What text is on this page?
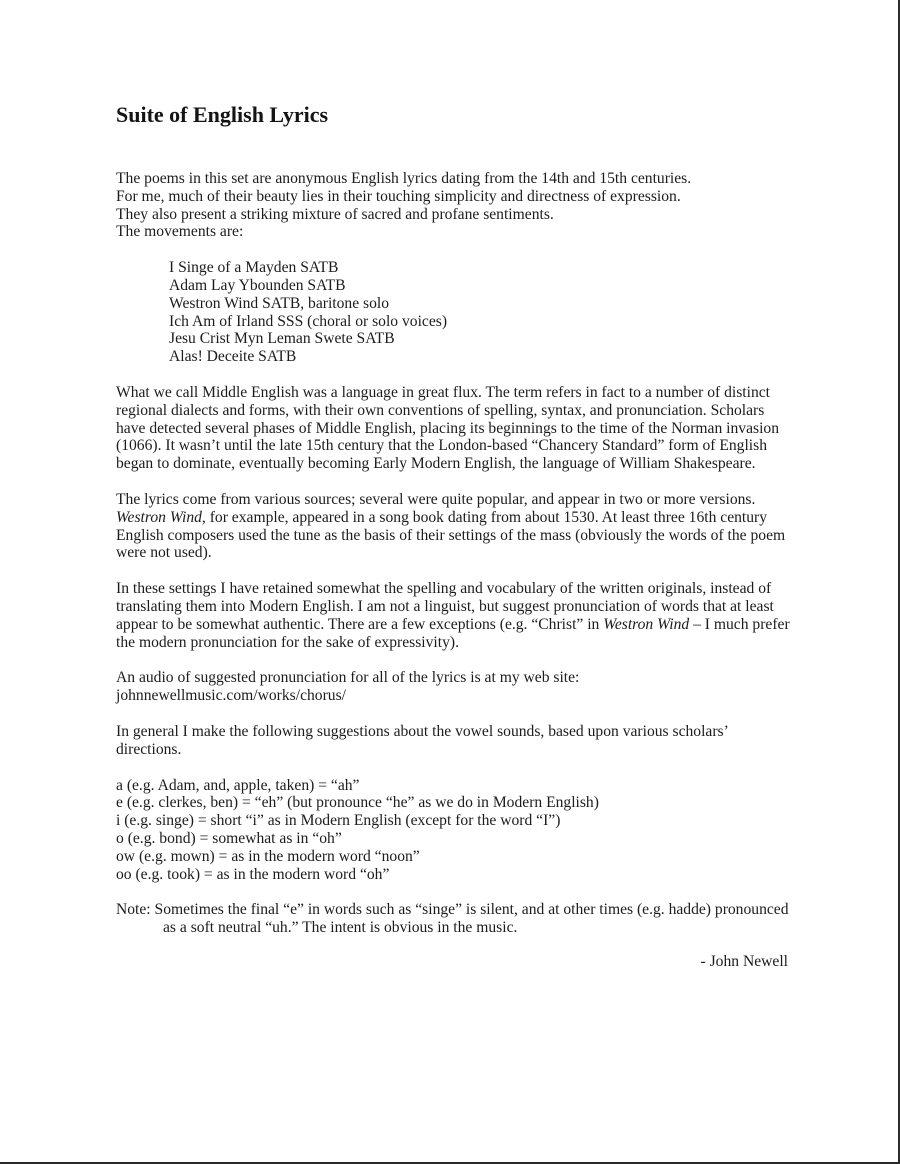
Suite of English Lyrics

The poems in this set are anonymous English lyrics dating from the 14th and 15th centuries.

For me, much of their beauty lies in their touching simplicity and directness of expression.

They also present a striking mixture of sacred and profane sentiments.

The movements are:

I Singe of a Mayden SATB
Adam Lay Ybounden SATB
Westron Wind SATB, baritone solo
Ich Am of Irland SSS (choral or solo voices)
Jesu Crist Myn Leman Swete SATB
Alas! Deceite SATB

What we call Middle English was a language in great flux. The term refers in fact to a number of distinct regional dialects and forms, with their own conventions of spelling, syntax, and pronunciation. Scholars have detected several phases of Middle English, placing its beginnings to the time of the Norman invasion (1066). It wasn’t until the late 15th century that the London-based “Chancery Standard” form of English began to dominate, eventually becoming Early Modern English, the language of William Shakespeare.

The lyrics come from various sources; several were quite popular, and appear in two or more versions. Westron Wind, for example, appeared in a song book dating from about 1530. At least three 16th century English composers used the tune as the basis of their settings of the mass (obviously the words of the poem were not used).

In these settings I have retained somewhat the spelling and vocabulary of the written originals, instead of translating them into Modern English. I am not a linguist, but suggest pronunciation of words that at least appear to be somewhat authentic. There are a few exceptions (e.g. “Christ” in Westron Wind – I much prefer the modern pronunciation for the sake of expressivity).

An audio of suggested pronunciation for all of the lyrics is at my web site:

johnnewellmusic.com/works/chorus/

In general I make the following suggestions about the vowel sounds, based upon various scholars’ directions.

a (e.g. Adam, and, apple, taken) = “ah”
e (e.g. clerkes, ben) = “eh” (but pronounce “he” as we do in Modern English)
i (e.g. singe) = short “i” as in Modern English (except for the word “I”)
o (e.g. bond) = somewhat as in “oh”
ow (e.g. mown) = as in the modern word “noon”
oo (e.g. took) = as in the modern word “oh”

Note: Sometimes the final “e” in words such as “singe” is silent, and at other times (e.g. hadde) pronounced as a soft neutral “uh.” The intent is obvious in the music.

- John Newell
